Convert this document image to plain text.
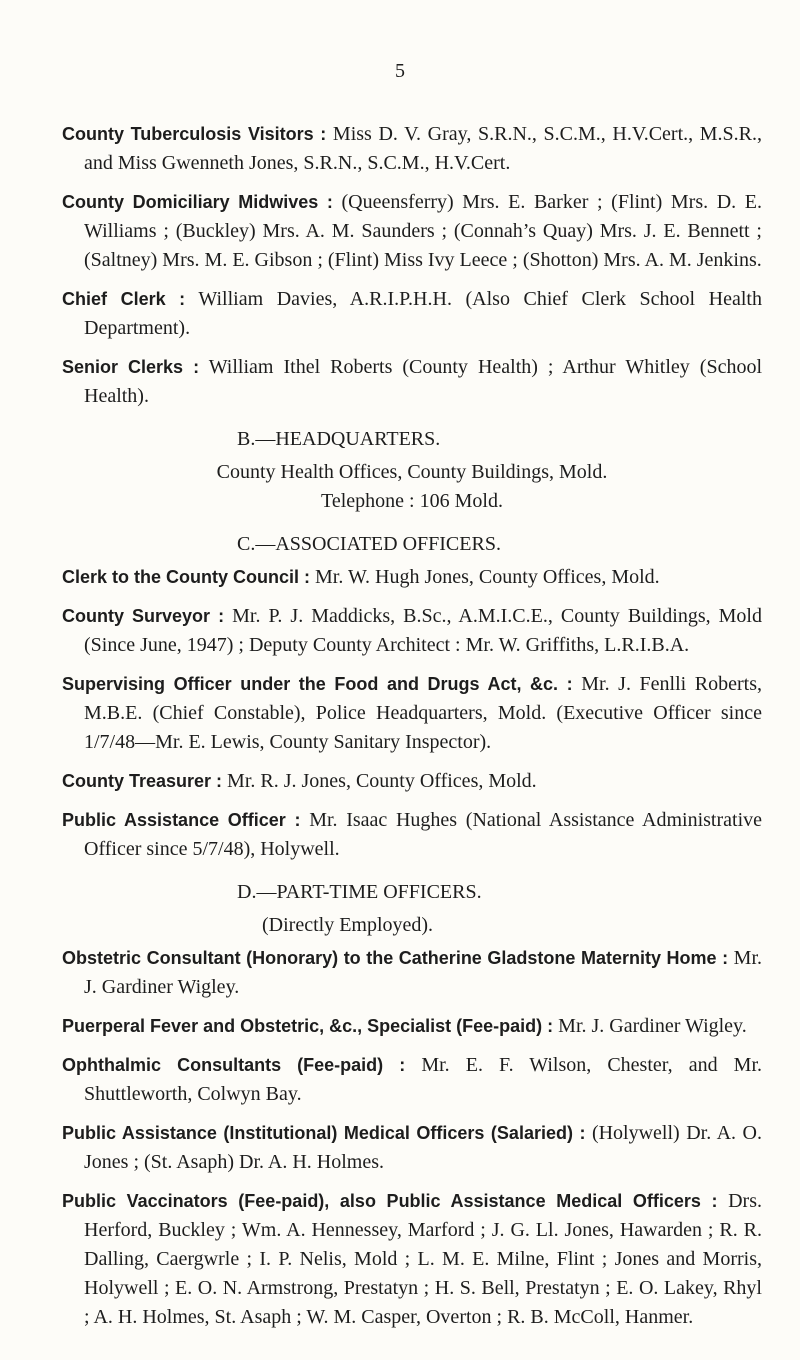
5

County Tuberculosis Visitors : Miss D. V. Gray, S.R.N., S.C.M., H.V.Cert., M.S.R., and Miss Gwenneth Jones, S.R.N., S.C.M., H.V.Cert.

County Domiciliary Midwives : (Queensferry) Mrs. E. Barker ; (Flint) Mrs. D. E. Williams ; (Buckley) Mrs. A. M. Saunders ; (Connah’s Quay) Mrs. J. E. Bennett ; (Saltney) Mrs. M. E. Gibson ; (Flint) Miss Ivy Leece ; (Shotton) Mrs. A. M. Jenkins.

Chief Clerk : William Davies, A.R.I.P.H.H. (Also Chief Clerk School Health Department).

Senior Clerks : William Ithel Roberts (County Health) ; Arthur Whitley (School Health).

B.—HEADQUARTERS.

County Health Offices, County Buildings, Mold.

Telephone : 106 Mold.

C.—ASSOCIATED OFFICERS.

Clerk to the County Council : Mr. W. Hugh Jones, County Offices, Mold.

County Surveyor : Mr. P. J. Maddicks, B.Sc., A.M.I.C.E., County Buildings, Mold (Since June, 1947) ; Deputy County Architect : Mr. W. Griffiths, L.R.I.B.A.

Supervising Officer under the Food and Drugs Act, &c. : Mr. J. Fenlli Roberts, M.B.E. (Chief Constable), Police Headquarters, Mold. (Executive Officer since 1/7/48—Mr. E. Lewis, County Sanitary Inspector).

County Treasurer : Mr. R. J. Jones, County Offices, Mold.

Public Assistance Officer : Mr. Isaac Hughes (National Assistance Administrative Officer since 5/7/48), Holywell.

D.—PART-TIME OFFICERS.
(Directly Employed).

Obstetric Consultant (Honorary) to the Catherine Gladstone Maternity Home : Mr. J. Gardiner Wigley.

Puerperal Fever and Obstetric, &c., Specialist (Fee-paid) : Mr. J. Gardiner Wigley.

Ophthalmic Consultants (Fee-paid) : Mr. E. F. Wilson, Chester, and Mr. Shuttleworth, Colwyn Bay.

Public Assistance (Institutional) Medical Officers (Salaried) : (Holywell) Dr. A. O. Jones ; (St. Asaph) Dr. A. H. Holmes.

Public Vaccinators (Fee-paid), also Public Assistance Medical Officers : Drs. Herford, Buckley ; Wm. A. Hennessey, Marford ; J. G. Ll. Jones, Hawarden ; R. R. Dalling, Caergwrle ; I. P. Nelis, Mold ; L. M. E. Milne, Flint ; Jones and Morris, Holywell ; E. O. N. Armstrong, Prestatyn ; H. S. Bell, Prestatyn ; E. O. Lakey, Rhyl ; A. H. Holmes, St. Asaph ; W. M. Casper, Overton ; R. B. McColl, Hanmer.
